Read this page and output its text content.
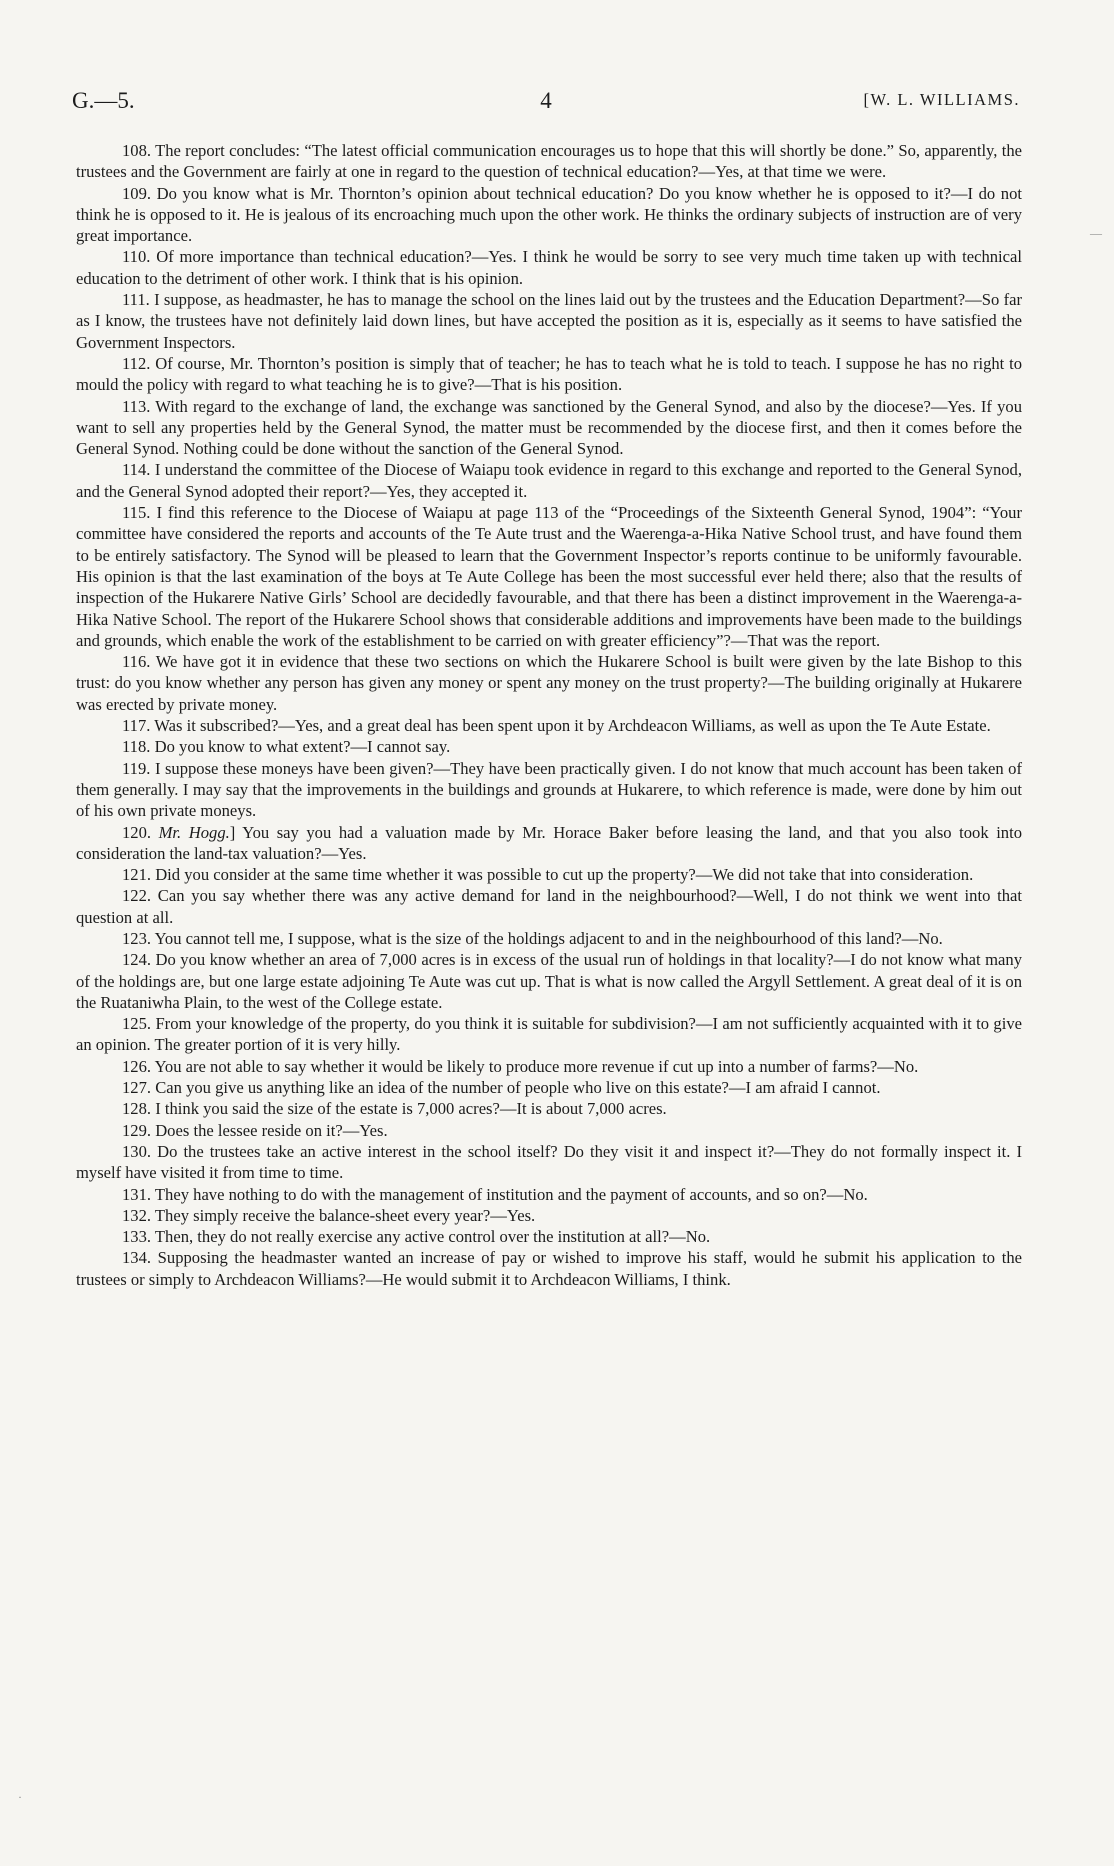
G.—5.	4	[W. L. WILLIAMS.
—
·

108. The report concludes: “The latest official communication encourages us to hope that this will shortly be done.” So, apparently, the trustees and the Government are fairly at one in regard to the question of technical education?—Yes, at that time we were.

109. Do you know what is Mr. Thornton’s opinion about technical education? Do you know whether he is opposed to it?—I do not think he is opposed to it. He is jealous of its encroaching much upon the other work. He thinks the ordinary subjects of instruction are of very great importance.

110. Of more importance than technical education?—Yes. I think he would be sorry to see very much time taken up with technical education to the detriment of other work. I think that is his opinion.

111. I suppose, as headmaster, he has to manage the school on the lines laid out by the trustees and the Education Department?—So far as I know, the trustees have not definitely laid down lines, but have accepted the position as it is, especially as it seems to have satisfied the Government Inspectors.

112. Of course, Mr. Thornton’s position is simply that of teacher; he has to teach what he is told to teach. I suppose he has no right to mould the policy with regard to what teaching he is to give?—That is his position.

113. With regard to the exchange of land, the exchange was sanctioned by the General Synod, and also by the diocese?—Yes. If you want to sell any properties held by the General Synod, the matter must be recommended by the diocese first, and then it comes before the General Synod. Nothing could be done without the sanction of the General Synod.

114. I understand the committee of the Diocese of Waiapu took evidence in regard to this exchange and reported to the General Synod, and the General Synod adopted their report?—Yes, they accepted it.

115. I find this reference to the Diocese of Waiapu at page 113 of the “Proceedings of the Sixteenth General Synod, 1904”: “Your committee have considered the reports and accounts of the Te Aute trust and the Waerenga-a-Hika Native School trust, and have found them to be entirely satisfactory. The Synod will be pleased to learn that the Government Inspector’s reports continue to be uniformly favourable. His opinion is that the last examination of the boys at Te Aute College has been the most successful ever held there; also that the results of inspection of the Hukarere Native Girls’ School are decidedly favourable, and that there has been a distinct improvement in the Waerenga-a-Hika Native School. The report of the Hukarere School shows that considerable additions and improvements have been made to the buildings and grounds, which enable the work of the establishment to be carried on with greater efficiency”?—That was the report.

116. We have got it in evidence that these two sections on which the Hukarere School is built were given by the late Bishop to this trust: do you know whether any person has given any money or spent any money on the trust property?—The building originally at Hukarere was erected by private money.

117. Was it subscribed?—Yes, and a great deal has been spent upon it by Archdeacon Williams, as well as upon the Te Aute Estate.

118. Do you know to what extent?—I cannot say.

119. I suppose these moneys have been given?—They have been practically given. I do not know that much account has been taken of them generally. I may say that the improvements in the buildings and grounds at Hukarere, to which reference is made, were done by him out of his own private moneys.

120. Mr. Hogg.] You say you had a valuation made by Mr. Horace Baker before leasing the land, and that you also took into consideration the land-tax valuation?—Yes.

121. Did you consider at the same time whether it was possible to cut up the property?—We did not take that into consideration.

122. Can you say whether there was any active demand for land in the neighbourhood?—Well, I do not think we went into that question at all.

123. You cannot tell me, I suppose, what is the size of the holdings adjacent to and in the neighbourhood of this land?—No.

124. Do you know whether an area of 7,000 acres is in excess of the usual run of holdings in that locality?—I do not know what many of the holdings are, but one large estate adjoining Te Aute was cut up. That is what is now called the Argyll Settlement. A great deal of it is on the Ruataniwha Plain, to the west of the College estate.

125. From your knowledge of the property, do you think it is suitable for subdivision?—I am not sufficiently acquainted with it to give an opinion. The greater portion of it is very hilly.

126. You are not able to say whether it would be likely to produce more revenue if cut up into a number of farms?—No.

127. Can you give us anything like an idea of the number of people who live on this estate?—I am afraid I cannot.

128. I think you said the size of the estate is 7,000 acres?—It is about 7,000 acres.

129. Does the lessee reside on it?—Yes.

130. Do the trustees take an active interest in the school itself? Do they visit it and inspect it?—They do not formally inspect it. I myself have visited it from time to time.

131. They have nothing to do with the management of institution and the payment of accounts, and so on?—No.

132. They simply receive the balance-sheet every year?—Yes.

133. Then, they do not really exercise any active control over the institution at all?—No.

134. Supposing the headmaster wanted an increase of pay or wished to improve his staff, would he submit his application to the trustees or simply to Archdeacon Williams?—He would submit it to Archdeacon Williams, I think.
